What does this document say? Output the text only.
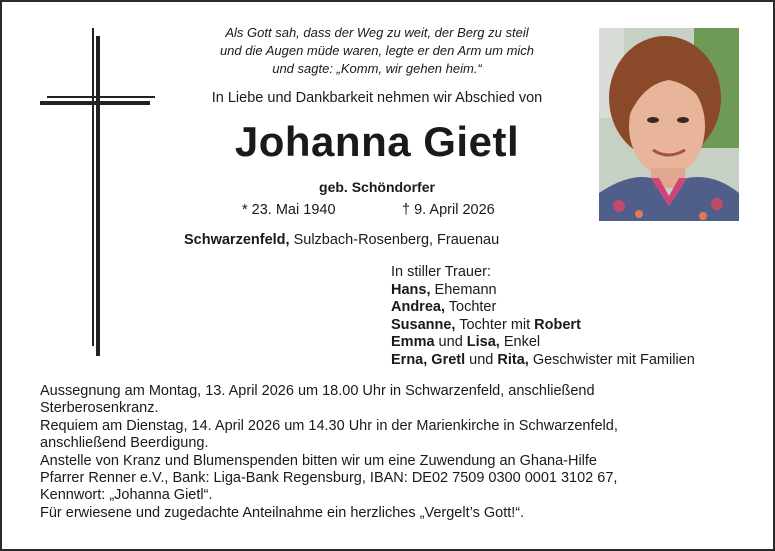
Als Gott sah, dass der Weg zu weit, der Berg zu steil
und die Augen müde waren, legte er den Arm um mich
und sagte: „Komm, wir gehen heim.“
In Liebe und Dankbarkeit nehmen wir Abschied von
Johanna Gietl
geb. Schöndorfer
* 23. Mai 1940	† 9. April 2026
Schwarzenfeld, Sulzbach-Rosenberg, Frauenau
In stiller Trauer:
Hans, Ehemann
Andrea, Tochter
Susanne, Tochter mit Robert
Emma und Lisa, Enkel
Erna, Gretl und Rita, Geschwister mit Familien
Aussegnung am Montag, 13. April 2026 um 18.00 Uhr in Schwarzenfeld, anschließend
Sterberosenkranz.
Requiem am Dienstag, 14. April 2026 um 14.30 Uhr in der Marienkirche in Schwarzenfeld,
anschließend Beerdigung.
Anstelle von Kranz und Blumenspenden bitten wir um eine Zuwendung an Ghana-Hilfe
Pfarrer Renner e.V., Bank: Liga-Bank Regensburg, IBAN: DE02 7509 0300 0001 3102 67,
Kennwort: „Johanna Gietl“.
Für erwiesene und zugedachte Anteilnahme ein herzliches „Vergelt’s Gott!“.
